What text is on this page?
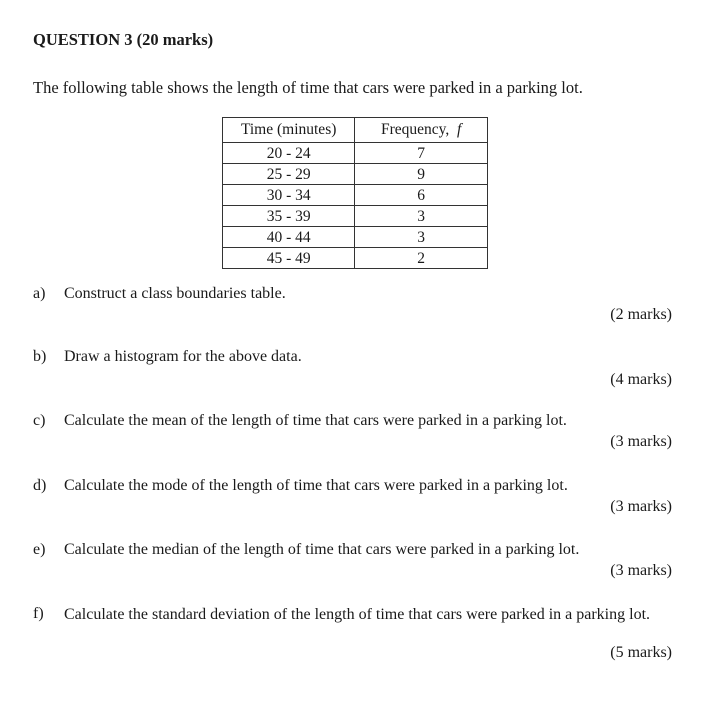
QUESTION 3 (20 marks)
The following table shows the length of time that cars were parked in a parking lot.
Time (minutes)	Frequency, f
20 - 24	7
25 - 29	9
30 - 34	6
35 - 39	3
40 - 44	3
45 - 49	2
a) Construct a class boundaries table.
(2 marks)
b) Draw a histogram for the above data.
(4 marks)
c) Calculate the mean of the length of time that cars were parked in a parking lot.
(3 marks)
d) Calculate the mode of the length of time that cars were parked in a parking lot.
(3 marks)
e) Calculate the median of the length of time that cars were parked in a parking lot.
(3 marks)
f) Calculate the standard deviation of the length of time that cars were parked in a parking lot.
(5 marks)
